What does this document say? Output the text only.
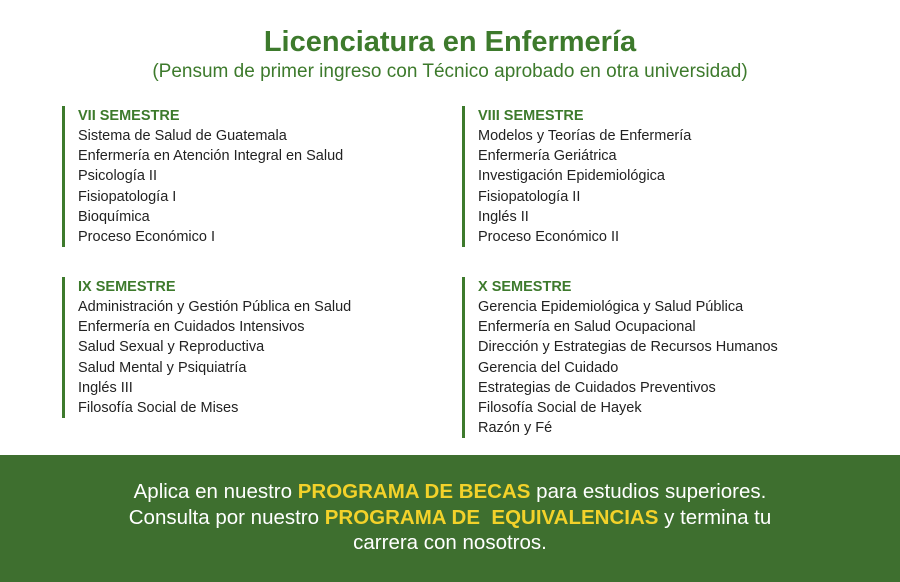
Licenciatura en Enfermería
(Pensum de primer ingreso con Técnico aprobado en otra universidad)
VII SEMESTRE
Sistema de Salud de Guatemala
Enfermería en Atención Integral en Salud
Psicología II
Fisiopatología I
Bioquímica
Proceso Económico I
VIII SEMESTRE
Modelos y Teorías de Enfermería
Enfermería Geriátrica
Investigación Epidemiológica
Fisiopatología II
Inglés II
Proceso Económico II
IX SEMESTRE
Administración y Gestión Pública en Salud
Enfermería en Cuidados Intensivos
Salud Sexual y Reproductiva
Salud Mental y Psiquiatría
Inglés III
Filosofía Social de Mises
X SEMESTRE
Gerencia Epidemiológica y Salud Pública
Enfermería en Salud Ocupacional
Dirección y Estrategias de Recursos Humanos
Gerencia del Cuidado
Estrategias de Cuidados Preventivos
Filosofía Social de Hayek
Razón y Fé

Aplica en nuestro PROGRAMA DE BECAS para estudios superiores.

Consulta por nuestro PROGRAMA DE  EQUIVALENCIAS y termina tu

carrera con nosotros.
